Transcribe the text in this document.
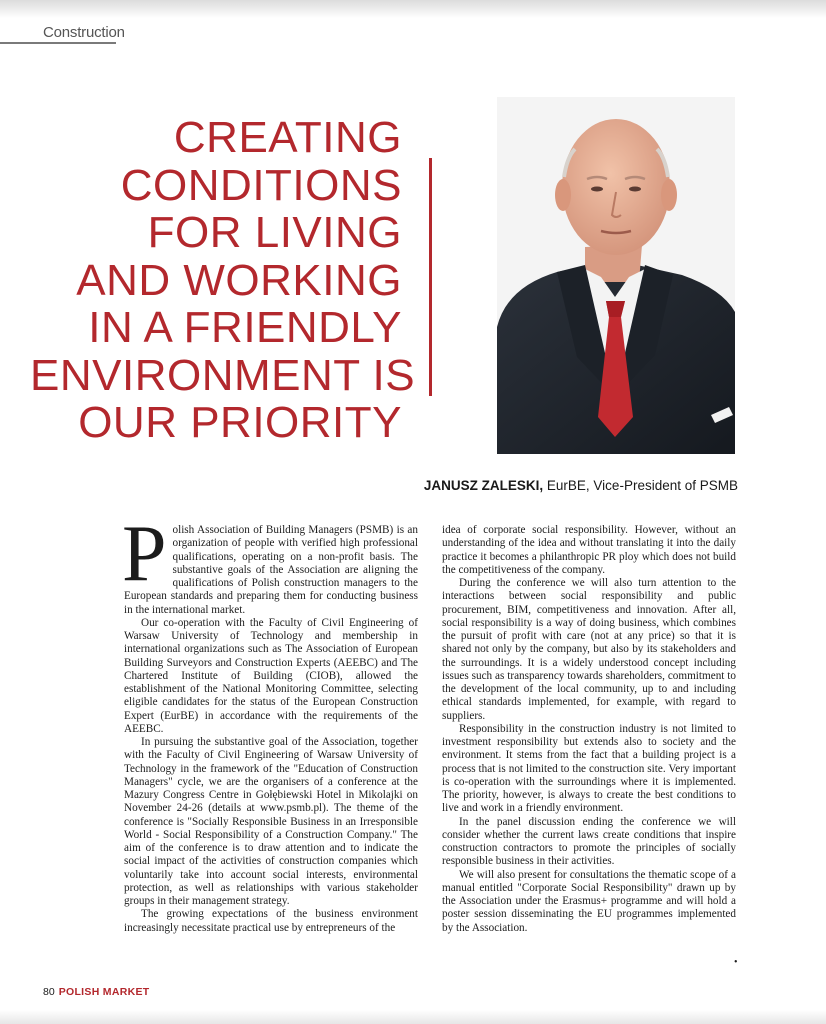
Construction
CREATING
CONDITIONS
FOR LIVING
AND WORKING
IN A FRIENDLY
ENVIRONMENT IS
OUR PRIORITY
JANUSZ ZALESKI, EurBE, Vice-President of PSMB

Polish Association of Building Managers (PSMB) is an organization of people with verified high professional qualifications, operating on a non-profit basis. The substantive goals of the Association are aligning the qualifications of Polish construction managers to the European standards and preparing them for conducting business in the international market.

Our co-operation with the Faculty of Civil Engineering of Warsaw University of Technology and membership in international organizations such as The Association of European Building Surveyors and Construction Experts (AEEBC) and The Chartered Institute of Building (CIOB), allowed the establishment of the National Monitoring Committee, selecting eligible candidates for the status of the European Construction Expert (EurBE) in accordance with the requirements of the AEEBC.

In pursuing the substantive goal of the Association, together with the Faculty of Civil Engineering of Warsaw University of Technology in the framework of the "Education of Construction Managers" cycle, we are the organisers of a conference at the Mazury Congress Centre in Gołębiewski Hotel in Mikolajki on November 24-26 (details at www.psmb.pl). The theme of the conference is "Socially Responsible Business in an Irresponsible World - Social Responsibility of a Construction Company." The aim of the conference is to draw attention and to indicate the social impact of the activities of construction companies which voluntarily take into account social interests, environmental protection, as well as relationships with various stakeholder groups in their management strategy.

The growing expectations of the business environment increasingly necessitate practical use by entrepreneurs of the

idea of corporate social responsibility. However, without an understanding of the idea and without translating it into the daily practice it becomes a philanthropic PR ploy which does not build the competitiveness of the company.

During the conference we will also turn attention to the interactions between social responsibility and public procurement, BIM, competitiveness and innovation. After all, social responsibility is a way of doing business, which combines the pursuit of profit with care (not at any price) so that it is shared not only by the company, but also by its stakeholders and the surroundings. It is a widely understood concept including issues such as transparency towards shareholders, commitment to the development of the local community, up to and including ethical standards implemented, for example, with regard to suppliers.

Responsibility in the construction industry is not limited to investment responsibility but extends also to society and the environment. It stems from the fact that a building project is a process that is not limited to the construction site. Very important is co-operation with the surroundings where it is implemented. The priority, however, is always to create the best conditions to live and work in a friendly environment.

In the panel discussion ending the conference we will consider whether the current laws create conditions that inspire construction contractors to promote the principles of socially responsible business in their activities.

We will also present for consultations the thematic scope of a manual entitled "Corporate Social Responsibility" drawn up by the Association under the Erasmus+ programme and will hold a poster session disseminating the EU programmes implemented by the Association.

•
80 POLISH MARKET
